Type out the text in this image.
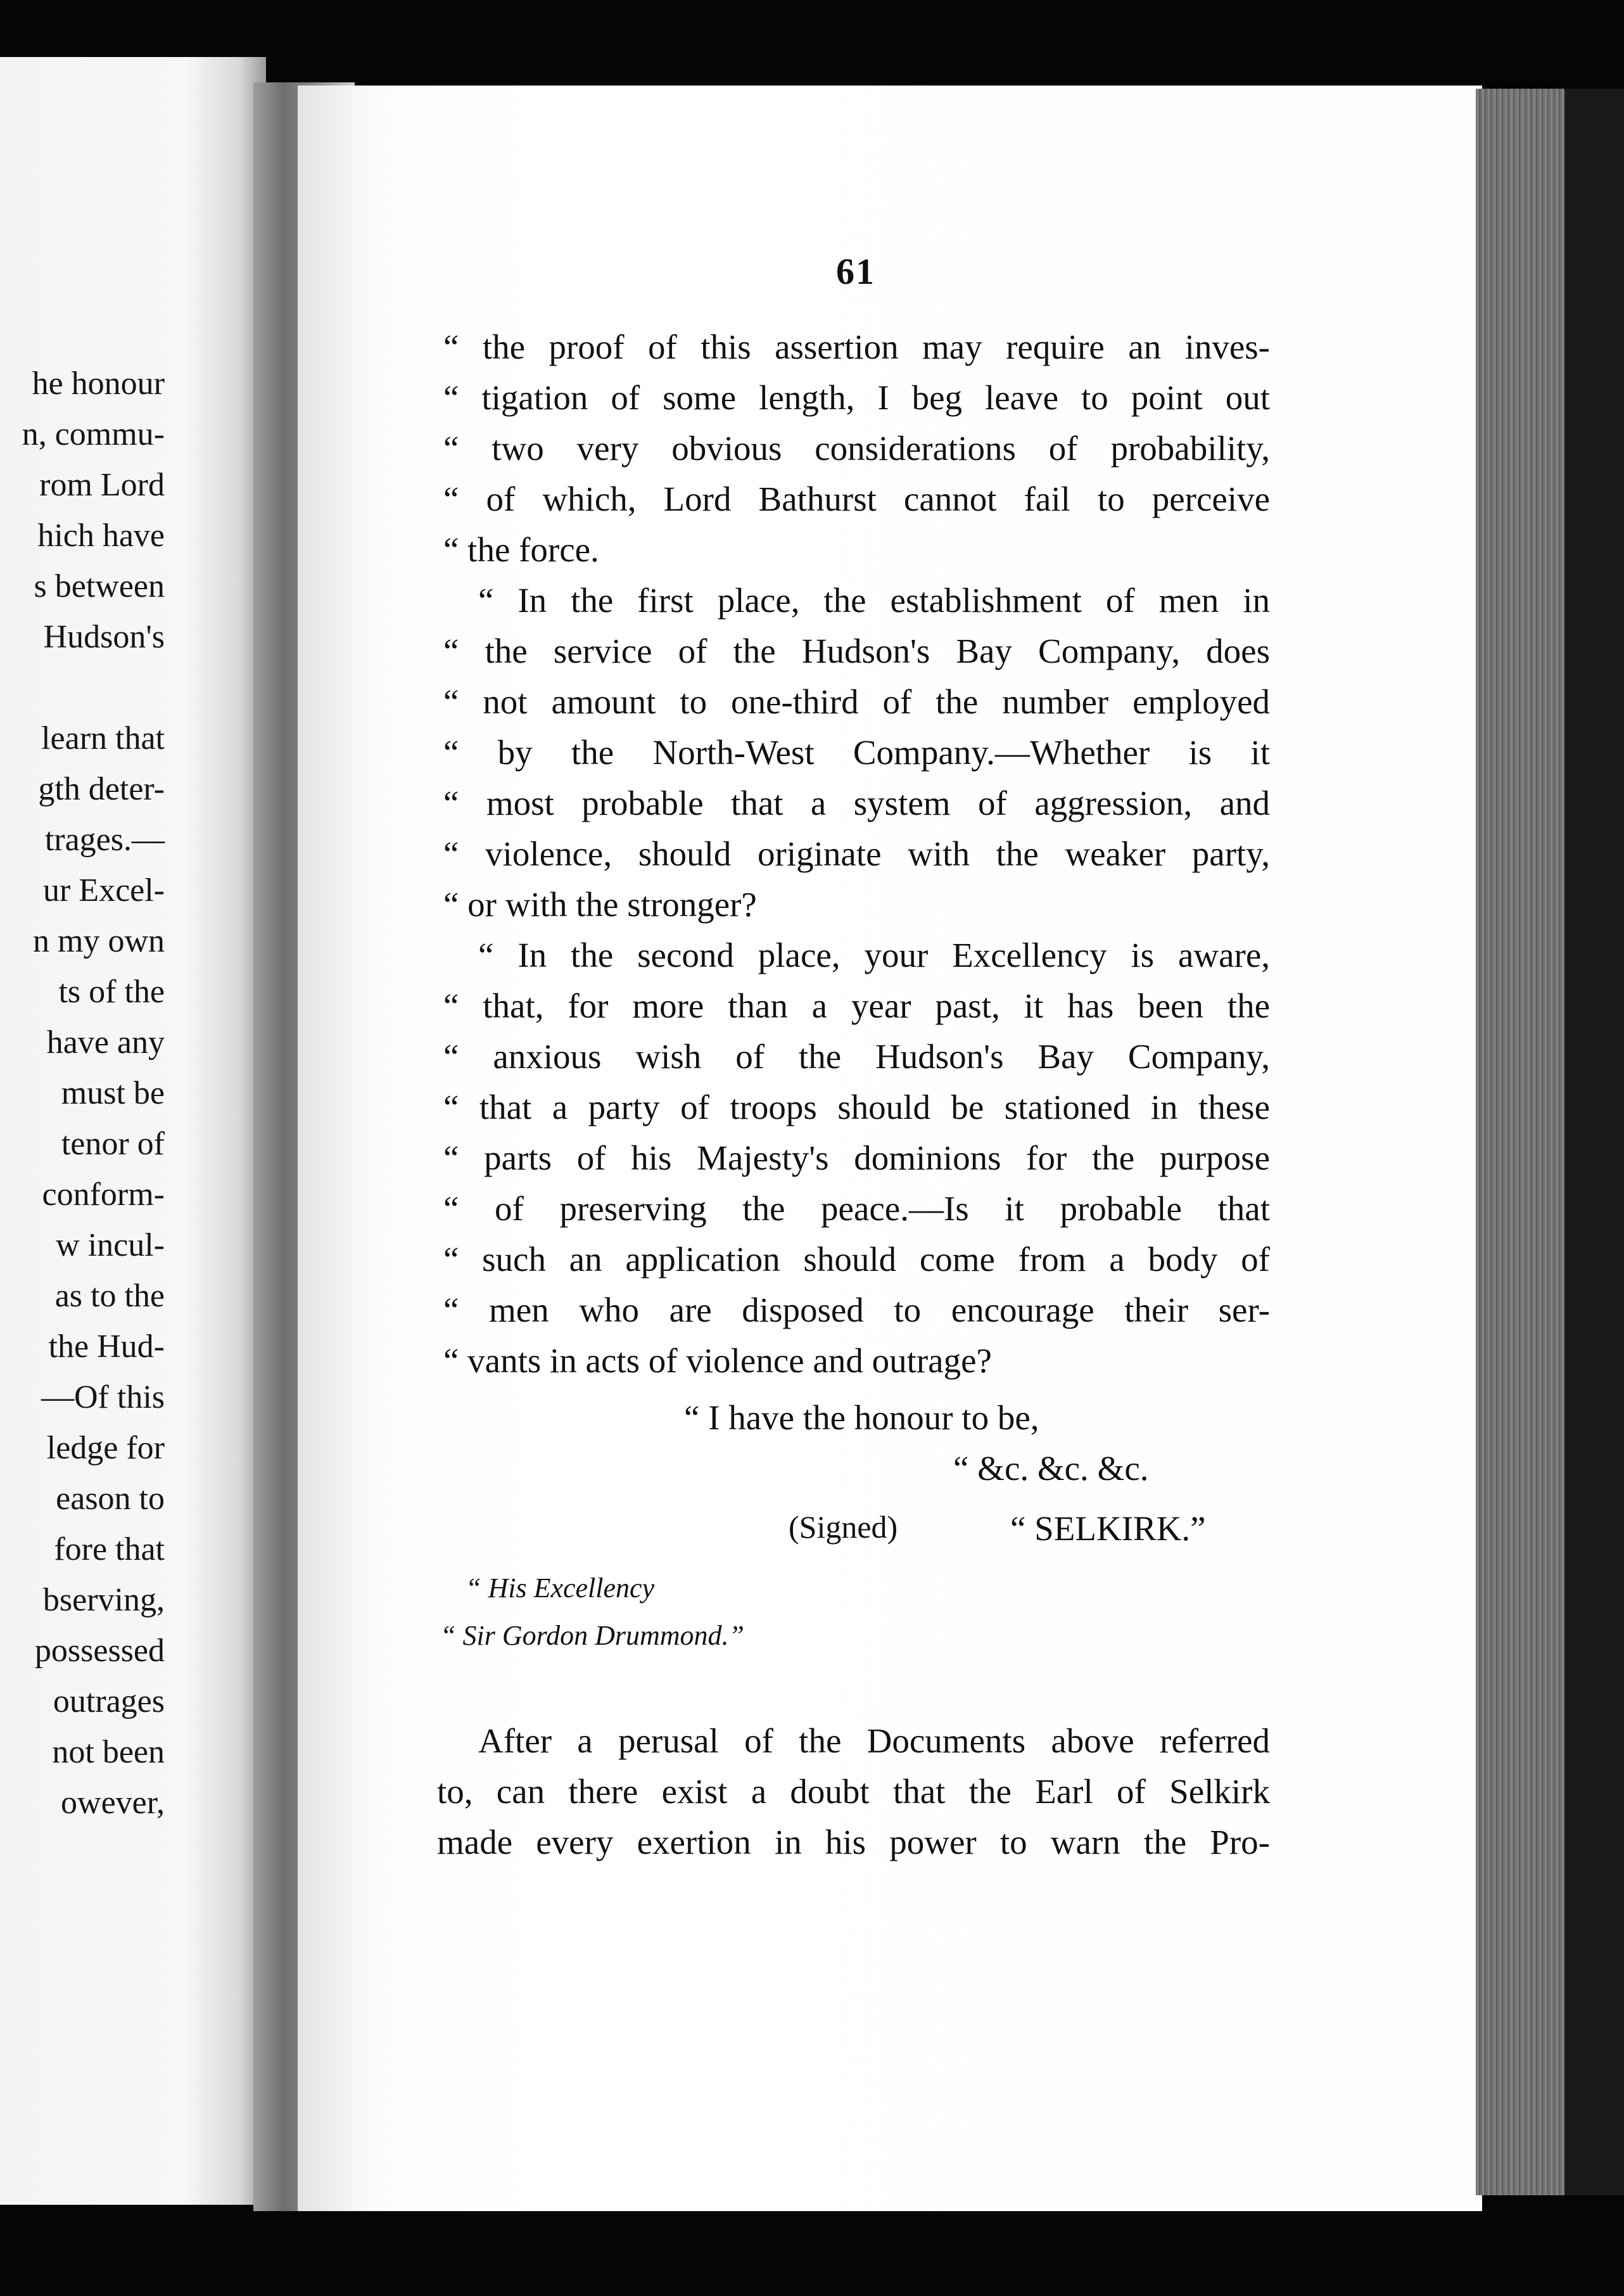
he honour
n, commu-
rom Lord
hich have
s between
Hudson's
learn that
gth deter-
trages.—
ur Excel-
n my own
ts of the
have any
must be
tenor of
conform-
w incul-
as to the
the Hud-
—Of this
ledge for
eason to
fore that
bserving,
possessed
outrages
not been
owever,
61
“ the proof of this assertion may require an inves-
“ tigation of some length, I beg leave to point out
“ two very obvious considerations of probability,
“ of which, Lord Bathurst cannot fail to perceive
“ the force.
“ In the first place, the establishment of men in
“ the service of the Hudson's Bay Company, does
“ not amount to one-third of the number employed
“ by the North-West Company.—Whether is it
“ most probable that a system of aggression, and
“ violence, should originate with the weaker party,
“ or with the stronger?
“ In the second place, your Excellency is aware,
“ that, for more than a year past, it has been the
“ anxious wish of the Hudson's Bay Company,
“ that a party of troops should be stationed in these
“ parts of his Majesty's dominions for the purpose
“ of preserving the peace.—Is it probable that
“ such an application should come from a body of
“ men who are disposed to encourage their ser-
“ vants in acts of violence and outrage?
“ I have the honour to be,
“ &c. &c. &c.
(Signed)	“ SELKIRK.”
“ His Excellency
“ Sir Gordon Drummond.”
After a perusal of the Documents above referred
to, can there exist a doubt that the Earl of Selkirk
made every exertion in his power to warn the Pro-
